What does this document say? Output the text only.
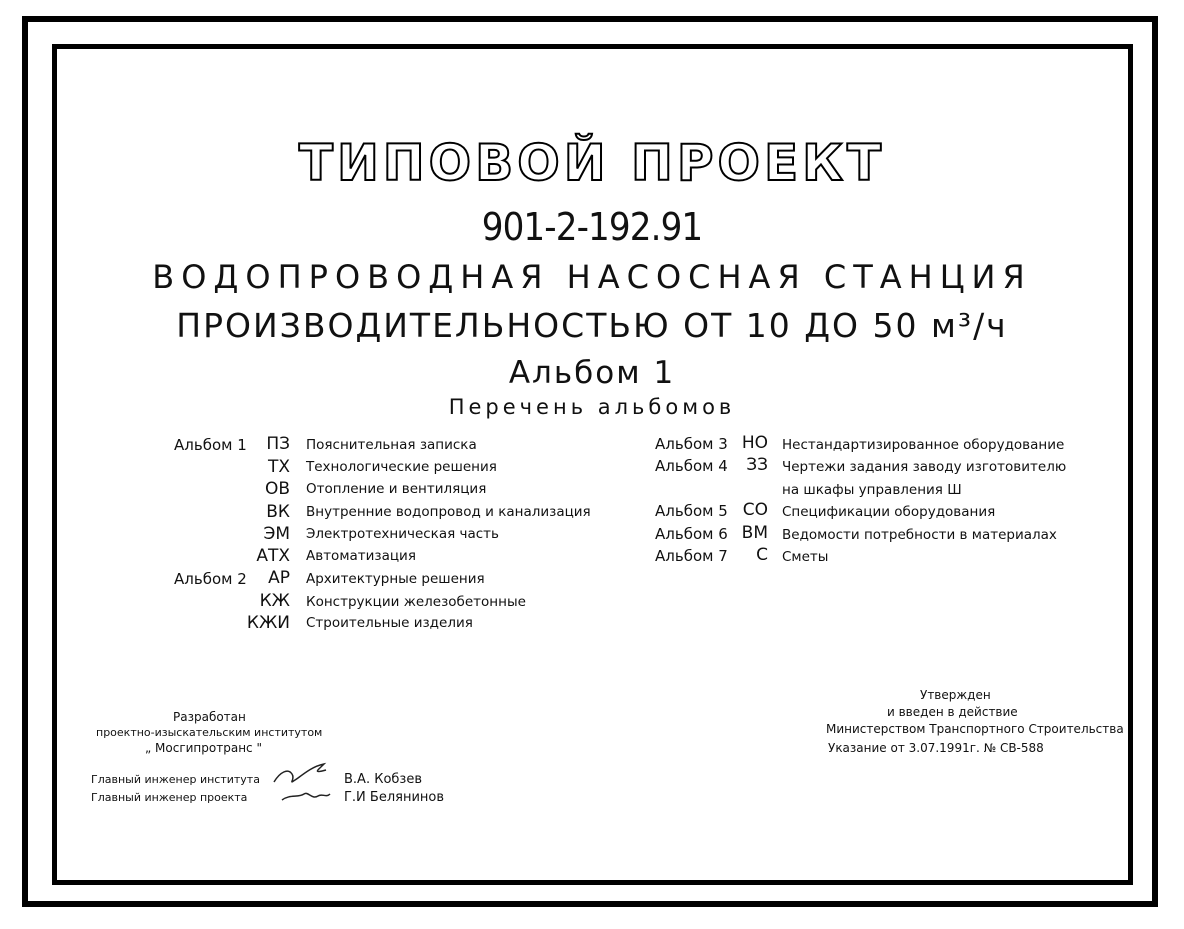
ТИПОВОЙ ПРОЕКТ
901-2-192.91
ВОДОПРОВОДНАЯ НАСОСНАЯ СТАНЦИЯ
ПРОИЗВОДИТЕЛЬНОСТЬЮ ОТ 10 ДО 50 м³/ч
Альбом 1
Перечень альбомов
Альбом 1	ПЗ Пояснительная записка
ТХ Технологические решения
ОВ Отопление и вентиляция
ВК Внутренние водопровод и канализация
ЭМ Электротехническая часть
АТХ Автоматизация
Альбом 2	АР Архитектурные решения
КЖ Конструкции железобетонные
КЖИ Строительные изделия
Альбом 3 НО Нестандартизированное оборудование
Альбом 4	ЗЗ Чертежи задания заводу изготовителю
на шкафы управления Ш
Альбом 5 СО Спецификации оборудования
Альбом 6 ВМ Ведомости потребности в материалах
Альбом 7	С Сметы
Разработан
проектно-изыскательским институтом
„ Мосгипротранс "
Главный инженер института	В.А. Кобзев
Главный инженер проекта	Г.И Белянинов
Утвержден
и введен в действие
Министерством Транспортного Строительства
Указание от 3.07.1991г. № СВ-588
